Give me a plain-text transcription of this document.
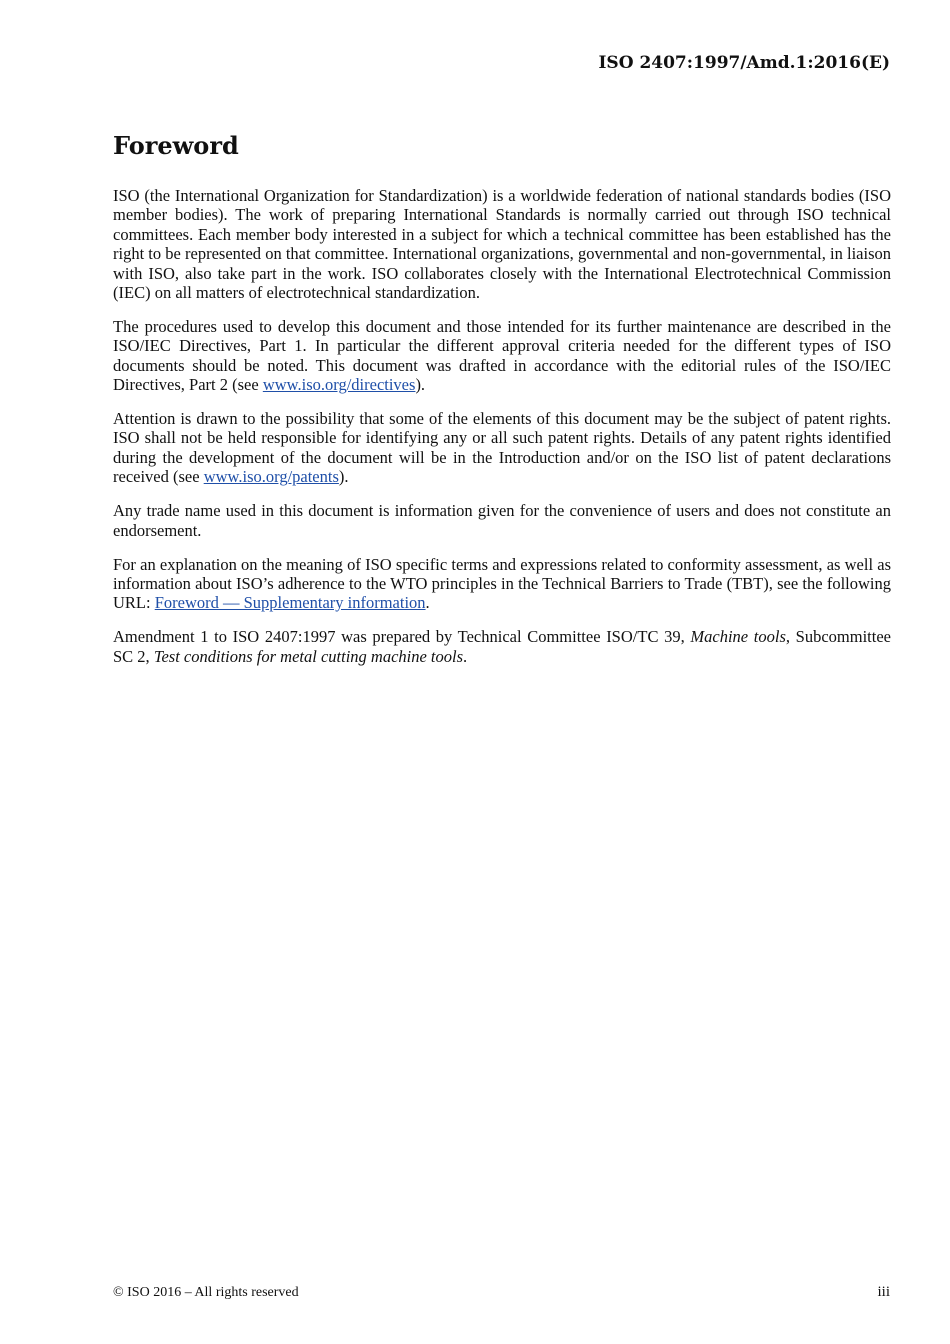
ISO 2407:1997/Amd.1:2016(E)
Foreword

ISO (the International Organization for Standardization) is a worldwide federation of national standards bodies (ISO member bodies). The work of preparing International Standards is normally carried out through ISO technical committees. Each member body interested in a subject for which a technical committee has been established has the right to be represented on that committee. International organizations, governmental and non-governmental, in liaison with ISO, also take part in the work. ISO collaborates closely with the International Electrotechnical Commission (IEC) on all matters of electrotechnical standardization.

The procedures used to develop this document and those intended for its further maintenance are described in the ISO/IEC Directives, Part 1. In particular the different approval criteria needed for the different types of ISO documents should be noted. This document was drafted in accordance with the editorial rules of the ISO/IEC Directives, Part 2 (see www.iso.org/directives).

Attention is drawn to the possibility that some of the elements of this document may be the subject of patent rights. ISO shall not be held responsible for identifying any or all such patent rights. Details of any patent rights identified during the development of the document will be in the Introduction and/or on the ISO list of patent declarations received (see www.iso.org/patents).

Any trade name used in this document is information given for the convenience of users and does not constitute an endorsement.

For an explanation on the meaning of ISO specific terms and expressions related to conformity assessment, as well as information about ISO’s adherence to the WTO principles in the Technical Barriers to Trade (TBT), see the following URL: Foreword — Supplementary information.

Amendment 1 to ISO 2407:1997 was prepared by Technical Committee ISO/TC 39, Machine tools, Subcommittee SC 2, Test conditions for metal cutting machine tools.

© ISO 2016 – All rights reserved	iii
